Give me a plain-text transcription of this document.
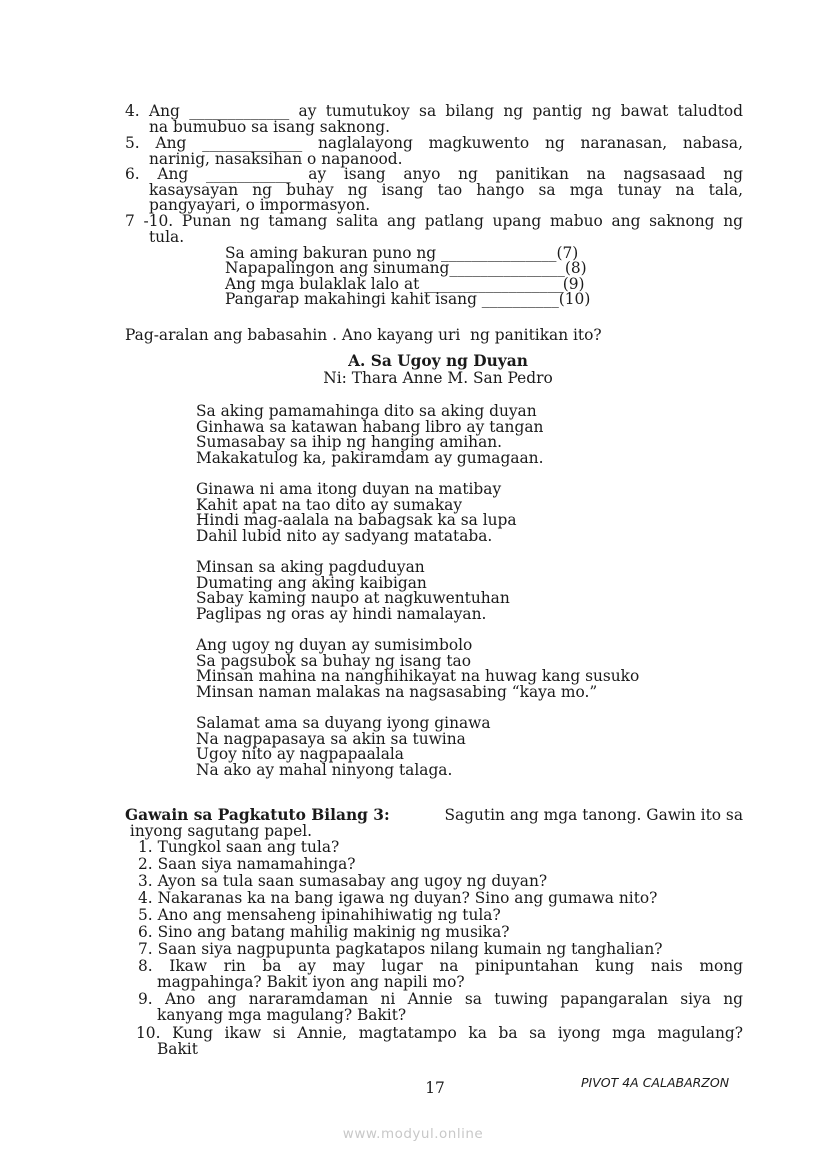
4. Ang _____________ ay tumutukoy sa bilang ng pantig ng bawat taludtod
na bumubuo sa isang saknong.
5. Ang _____________ naglalayong magkuwento ng naranasan, nabasa,
narinig, nasaksihan o napanood.
6. Ang ___________ ay isang anyo ng panitikan na nagsasaad ng
kasaysayan ng buhay ng isang tao hango sa mga tunay na tala,
pangyayari, o impormasyon.
7 -10. Punan ng tamang salita ang patlang upang mabuo ang saknong ng
tula.
Sa aming bakuran puno ng _______________(7)
Napapalingon ang sinumang_______________(8)
Ang mga bulaklak lalo at __________________(9)
Pangarap makahingi kahit isang __________(10)
Pag-aralan ang babasahin . Ano kayang uri  ng panitikan ito?
A. Sa Ugoy ng Duyan
Ni: Thara Anne M. San Pedro
Sa aking pamamahinga dito sa aking duyan
Ginhawa sa katawan habang libro ay tangan
Sumasabay sa ihip ng hanging amihan.
Makakatulog ka, pakiramdam ay gumagaan.
Ginawa ni ama itong duyan na matibay
Kahit apat na tao dito ay sumakay
Hindi mag-aalala na babagsak ka sa lupa
Dahil lubid nito ay sadyang matataba.
Minsan sa aking pagduduyan
Dumating ang aking kaibigan
Sabay kaming naupo at nagkuwentuhan
Paglipas ng oras ay hindi namalayan.
Ang ugoy ng duyan ay sumisimbolo
Sa pagsubok sa buhay ng isang tao
Minsan mahina na nanghihikayat na huwag kang susuko
Minsan naman malakas na nagsasabing “kaya mo.”
Salamat ama sa duyang iyong ginawa
Na nagpapasaya sa akin sa tuwina
Ugoy nito ay nagpapaalala
Na ako ay mahal ninyong talaga.
Gawain sa Pagkatuto Bilang 3:	Sagutin ang mga tanong. Gawin ito sa
inyong sagutang papel.
1. Tungkol saan ang tula?
2. Saan siya namamahinga?
3. Ayon sa tula saan sumasabay ang ugoy ng duyan?
4. Nakaranas ka na bang igawa ng duyan? Sino ang gumawa nito?
5. Ano ang mensaheng ipinahihiwatig ng tula?
6. Sino ang batang mahilig makinig ng musika?
7. Saan siya nagpupunta pagkatapos nilang kumain ng tanghalian?
8. Ikaw rin ba ay may lugar na pinipuntahan kung nais mong
magpahinga? Bakit iyon ang napili mo?
9. Ano ang nararamdaman ni Annie sa tuwing papangaralan siya ng
kanyang mga magulang? Bakit?
10. Kung ikaw si Annie, magtatampo ka ba sa iyong mga magulang?
Bakit
17	PIVOT 4A CALABARZON
www.modyul.online
